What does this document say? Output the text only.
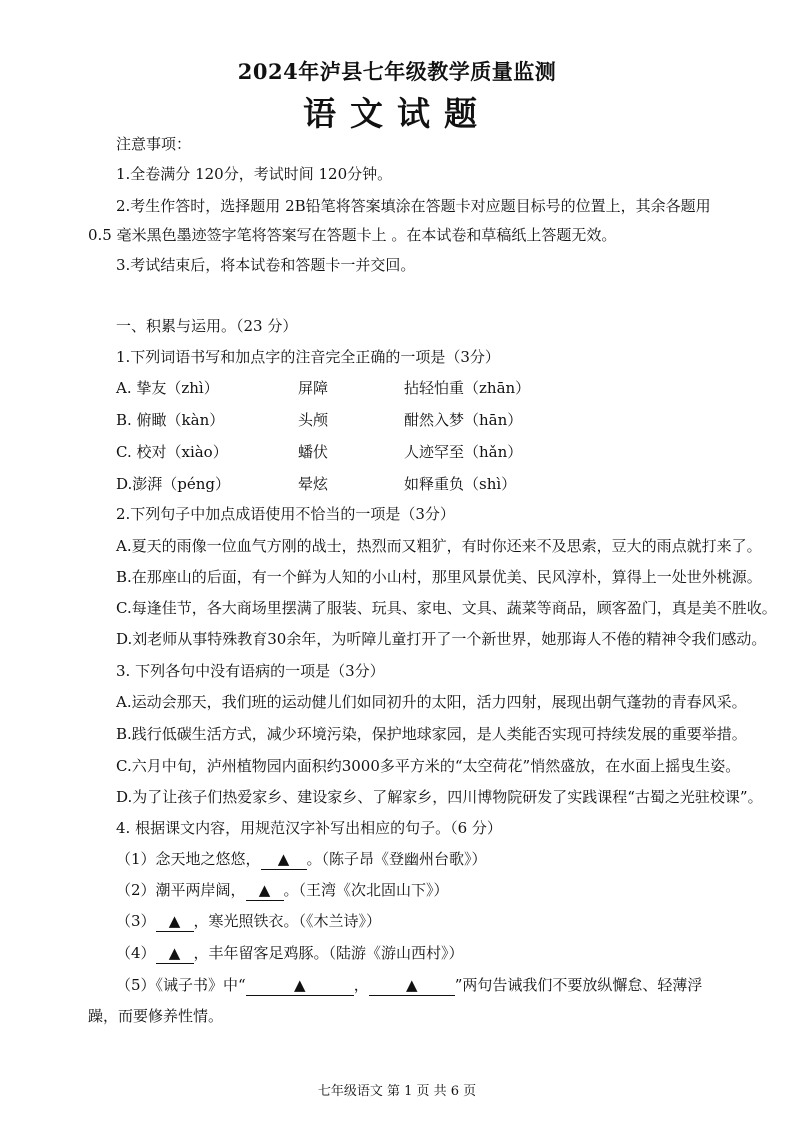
2024年泸县七年级教学质量监测
语文试题
注意事项：
1.全卷满分 120分，考试时间 120分钟。
2.考生作答时，选择题用 2B铅笔将答案填涂在答题卡对应题目标号的位置上，其余各题用
0.5 毫米黑色墨迹签字笔将答案写在答题卡上 。在本试卷和草稿纸上答题无效。
3.考试结束后，将本试卷和答题卡一并交回。
一、积累与运用。（23 分）
1.下列词语书写和加点字的注音完全正确的一项是（3分）
A. 挚友（zhì）	屏障	拈轻怕重（zhān）
B. 俯瞰（kàn）	头颅	酣然入梦（hān）
C. 校对（xiào）	蟠伏	人迹罕至（hǎn）
D.澎湃（péng）	晕炫	如释重负（shì）
2.下列句子中加点成语使用不恰当的一项是（3分）
A.夏天的雨像一位血气方刚的战士，热烈而又粗犷，有时你还来不及思索，豆大的雨点就打来了。
B.在那座山的后面，有一个鲜为人知的小山村，那里风景优美、民风淳朴，算得上一处世外桃源。
C.每逢佳节，各大商场里摆满了服装、玩具、家电、文具、蔬菜等商品，顾客盈门，真是美不胜收。
D.刘老师从事特殊教育30余年，为听障儿童打开了一个新世界，她那诲人不倦的精神令我们感动。
3. 下列各句中没有语病的一项是（3分）
A.运动会那天，我们班的运动健儿们如同初升的太阳，活力四射，展现出朝气蓬勃的青春风采。
B.践行低碳生活方式，减少环境污染，保护地球家园，是人类能否实现可持续发展的重要举措。
C.六月中旬，泸州植物园内面积约3000多平方米的“太空荷花”悄然盛放，在水面上摇曳生姿。
D.为了让孩子们热爱家乡、建设家乡、了解家乡，四川博物院研发了实践课程“古蜀之光驻校课”。
4. 根据课文内容，用规范汉字补写出相应的句子。（6 分）
（1）念天地之悠悠， ▲ 。（陈子昂《登幽州台歌》）
（2）潮平两岸阔， ▲ 。（王湾《次北固山下》）
（3） ▲ ，寒光照铁衣。（《木兰诗》）
（4） ▲ ，丰年留客足鸡豚。（陆游《游山西村》）
（5）《诫子书》中“	▲	， ▲ ”两句告诫我们不要放纵懈怠、轻薄浮
躁，而要修养性情。
七年级语文 第 1 页 共 6 页
